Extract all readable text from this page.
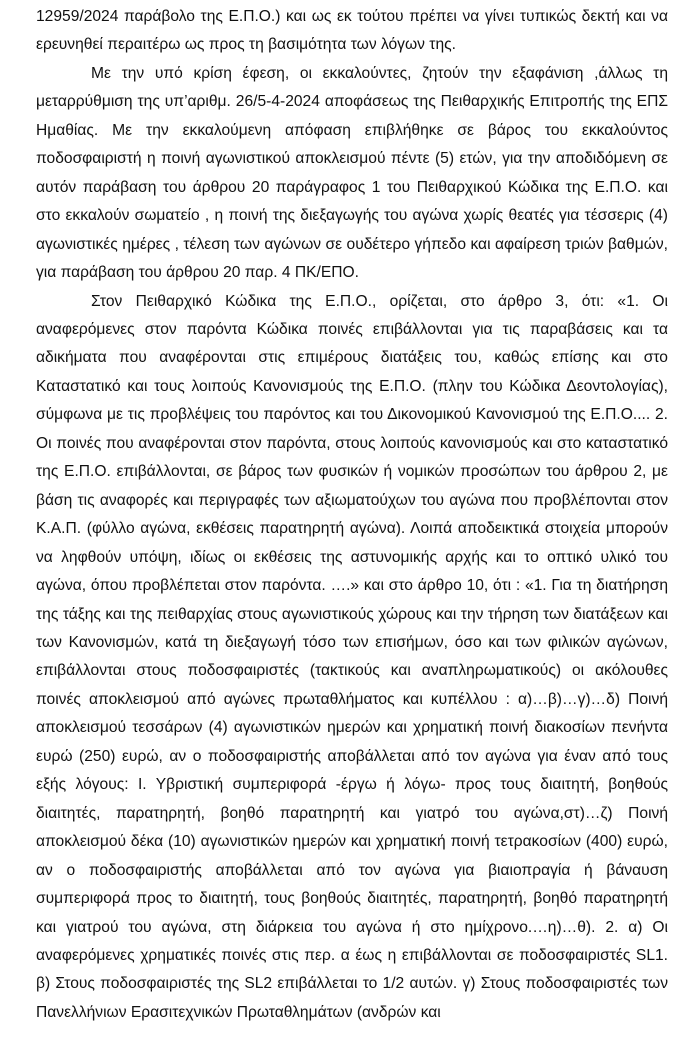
12959/2024 παράβολο της Ε.Π.Ο.) και ως εκ τούτου πρέπει να γίνει τυπικώς δεκτή και να ερευνηθεί περαιτέρω ως προς τη βασιμότητα των λόγων της.

Με την υπό κρίση έφεση, οι εκκαλούντες, ζητούν την εξαφάνιση ,άλλως τη μεταρρύθμιση της υπ’αριθμ. 26/5-4-2024 αποφάσεως της Πειθαρχικής Επιτροπής της ΕΠΣ Ημαθίας. Με την εκκαλούμενη απόφαση επιβλήθηκε σε βάρος του εκκαλούντος ποδοσφαιριστή η ποινή αγωνιστικού αποκλεισμού πέντε (5) ετών, για την αποδιδόμενη σε αυτόν παράβαση του άρθρου 20 παράγραφος 1 του Πειθαρχικού Κώδικα της Ε.Π.Ο. και στο εκκαλούν σωματείο , η ποινή της διεξαγωγής του αγώνα χωρίς θεατές για τέσσερις (4) αγωνιστικές ημέρες , τέλεση των αγώνων σε ουδέτερο γήπεδο και αφαίρεση τριών βαθμών, για παράβαση του άρθρου 20 παρ. 4 ΠΚ/ΕΠΟ.

Στον Πειθαρχικό Κώδικα της Ε.Π.Ο., ορίζεται, στο άρθρο 3, ότι: «1. Οι αναφερόμενες στον παρόντα Κώδικα ποινές επιβάλλονται για τις παραβάσεις και τα αδικήματα που αναφέρονται στις επιμέρους διατάξεις του, καθώς επίσης και στο Καταστατικό και τους λοιπούς Κανονισμούς της Ε.Π.Ο. (πλην του Κώδικα Δεοντολογίας), σύμφωνα με τις προβλέψεις του παρόντος και του Δικονομικού Κανονισμού της Ε.Π.Ο.... 2. Οι ποινές που αναφέρονται στον παρόντα, στους λοιπούς κανονισμούς και στο καταστατικό της Ε.Π.Ο. επιβάλλονται, σε βάρος των φυσικών ή νομικών προσώπων του άρθρου 2, με βάση τις αναφορές και περιγραφές των αξιωματούχων του αγώνα που προβλέπονται στον Κ.Α.Π. (φύλλο αγώνα, εκθέσεις παρατηρητή αγώνα). Λοιπά αποδεικτικά στοιχεία μπορούν να ληφθούν υπόψη, ιδίως οι εκθέσεις της αστυνομικής αρχής και το οπτικό υλικό του αγώνα, όπου προβλέπεται στον παρόντα. ….» και στο άρθρο 10, ότι : «1. Για τη διατήρηση της τάξης και της πειθαρχίας στους αγωνιστικούς χώρους και την τήρηση των διατάξεων και των Κανονισμών, κατά τη διεξαγωγή τόσο των επισήμων, όσο και των φιλικών αγώνων, επιβάλλονται στους ποδοσφαιριστές (τακτικούς και αναπληρωματικούς) οι ακόλουθες ποινές αποκλεισμού από αγώνες πρωταθλήματος και κυπέλλου : α)…β)…γ)…δ) Ποινή αποκλεισμού τεσσάρων (4) αγωνιστικών ημερών και χρηματική ποινή διακοσίων πενήντα ευρώ (250) ευρώ, αν ο ποδοσφαιριστής αποβάλλεται από τον αγώνα για έναν από τους εξής λόγους: Ι. Υβριστική συμπεριφορά -έργω ή λόγω- προς τους διαιτητή, βοηθούς διαιτητές, παρατηρητή, βοηθό παρατηρητή και γιατρό του αγώνα,στ)…ζ) Ποινή αποκλεισμού δέκα (10) αγωνιστικών ημερών και χρηματική ποινή τετρακοσίων (400) ευρώ, αν ο ποδοσφαιριστής αποβάλλεται από τον αγώνα για βιαιοπραγία ή βάναυση συμπεριφορά προς το διαιτητή, τους βοηθούς διαιτητές, παρατηρητή, βοηθό παρατηρητή και γιατρού του αγώνα, στη διάρκεια του αγώνα ή στο ημίχρονο.…η)…θ). 2. α) Οι αναφερόμενες χρηματικές ποινές στις περ. α έως η επιβάλλονται σε ποδοσφαιριστές SL1. β) Στους ποδοσφαιριστές της SL2 επιβάλλεται το 1/2 αυτών. γ) Στους ποδοσφαιριστές των Πανελλήνιων Ερασιτεχνικών Πρωταθλημάτων (ανδρών και
